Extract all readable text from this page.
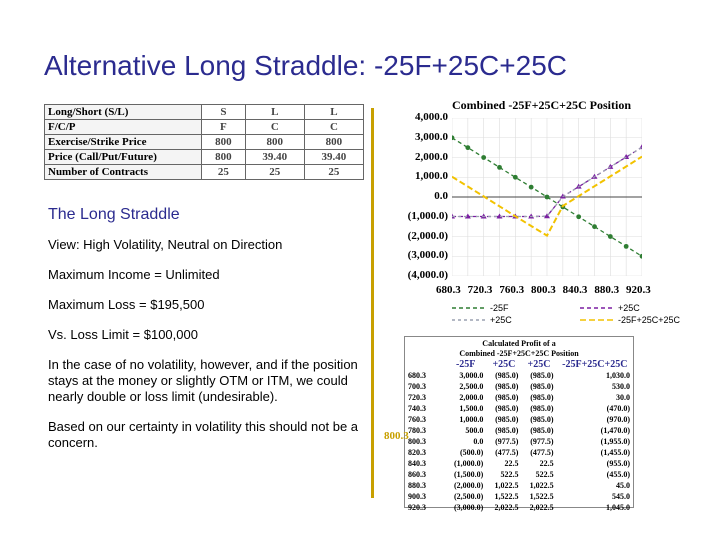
Alternative Long Straddle: -25F+25C+25C
Long/Short (S/L)	S	L	L
F/C/P	F	C	C
Exercise/Strike Price	800	800	800
Price (Call/Put/Future)	800	39.40	39.40
Number of Contracts	25	25	25
The Long Straddle

View: High Volatility, Neutral on Direction

Maximum Income = Unlimited

Maximum Loss = $195,500

Vs. Loss Limit = $100,000

In the case of no volatility, however, and if the position stays at the money or slightly OTM or ITM, we could nearly double or loss limit (undesirable).

Based on our certainty in volatility this should not be a concern.

Combined -25F+25C+25C Position
4,000.0
3,000.0
2,000.0
1,000.0
0.0
(1,000.0)
(2,000.0)
(3,000.0)
(4,000.0)
680.3 720.3 760.3 800.3 840.3 880.3 920.3
-25F	+25C
+25C	-25F+25C+25C
Calculated Profit of a
Combined -25F+25C+25C Position
	-25F	+25C	+25C	-25F+25C+25C
680.3	3,000.0	(985.0)	(985.0)	1,030.0
700.3	2,500.0	(985.0)	(985.0)	530.0
720.3	2,000.0	(985.0)	(985.0)	30.0
740.3	1,500.0	(985.0)	(985.0)	(470.0)
760.3	1,000.0	(985.0)	(985.0)	(970.0)
780.3	500.0	(985.0)	(985.0)	(1,470.0)
800.3	0.0	(977.5)	(977.5)	(1,955.0)
820.3	(500.0)	(477.5)	(477.5)	(1,455.0)
840.3	(1,000.0)	22.5	22.5	(955.0)
860.3	(1,500.0)	522.5	522.5	(455.0)
880.3	(2,000.0)	1,022.5	1,022.5	45.0
900.3	(2,500.0)	1,522.5	1,522.5	545.0
920.3	(3,000.0)	2,022.5	2,022.5	1,045.0
800.3
